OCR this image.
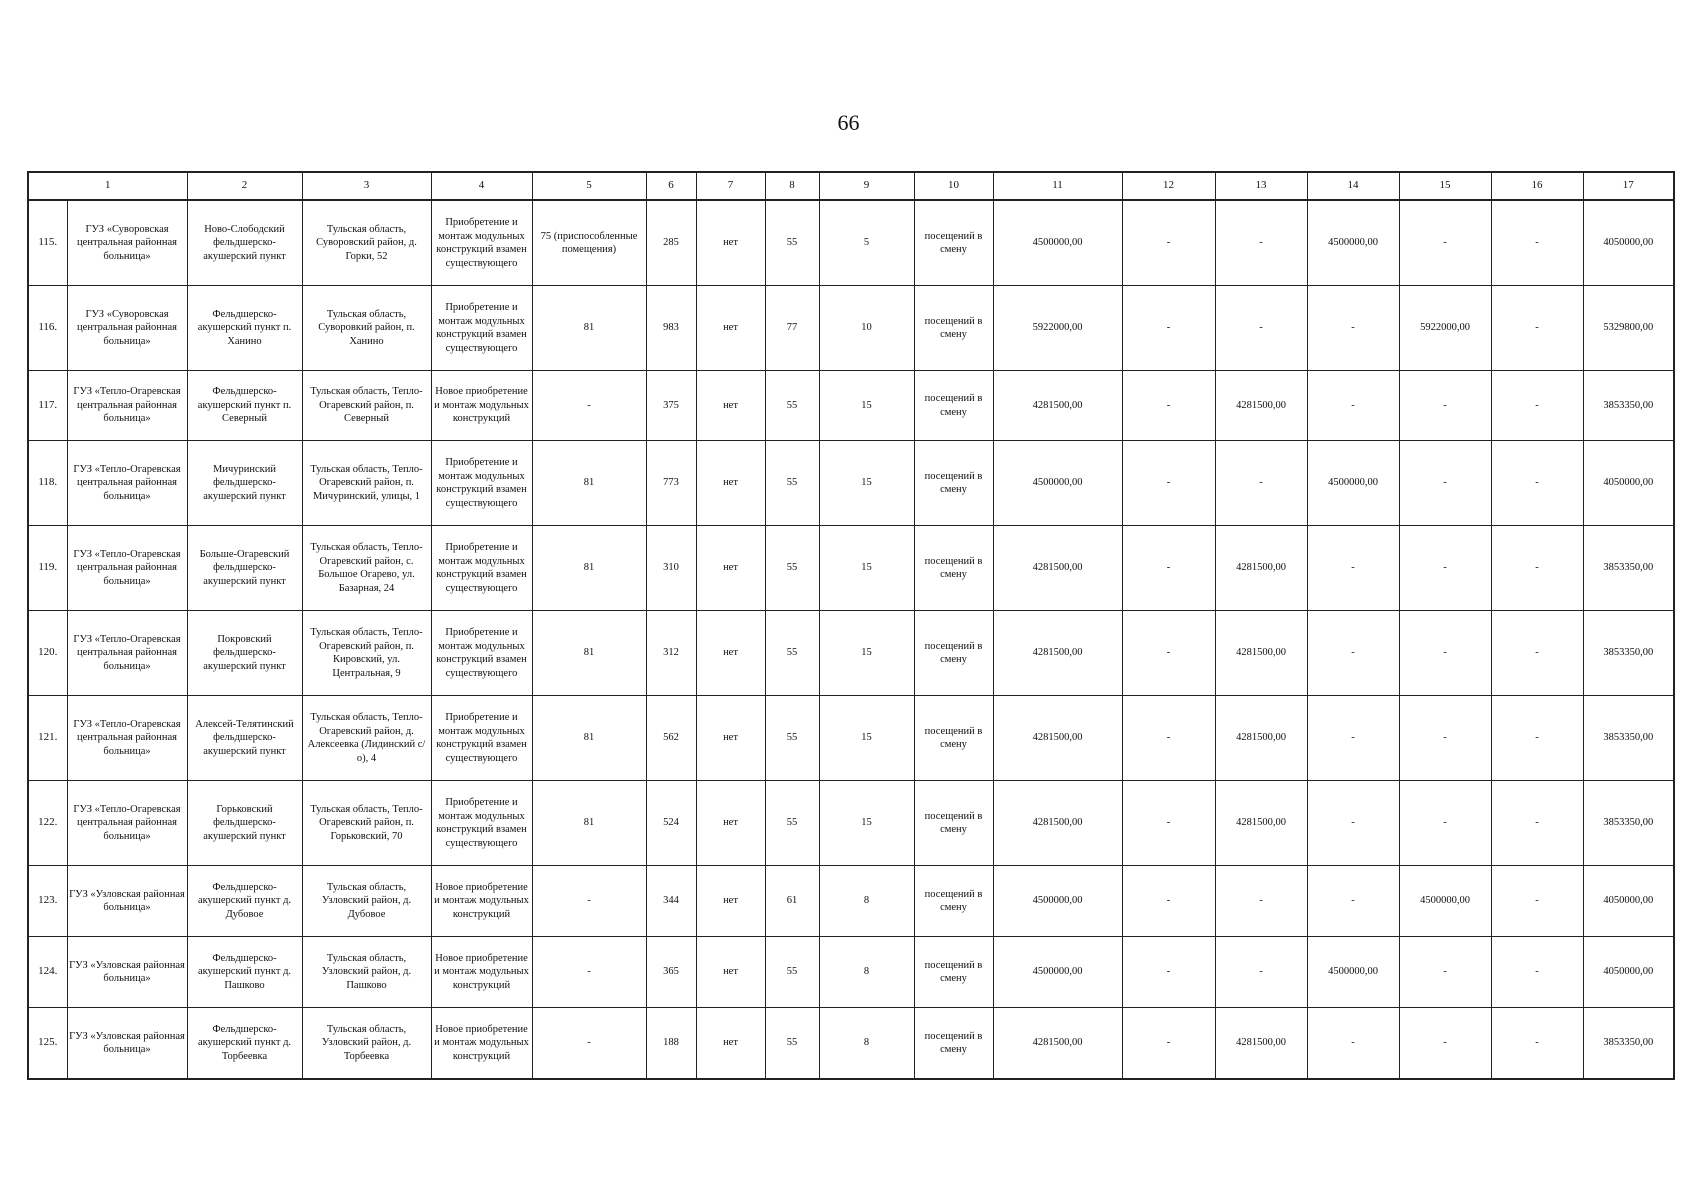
66
1		2	3	4	5	6	7	8	9	10	11	12	13	14	15	16	17
115.	ГУЗ «Суворовская центральная районная больница»	Ново-Слободский фельдшерско-акушерский пункт	Тульская область, Суворовский район, д. Горки, 52	Приобретение и монтаж модульных конструкций взамен существующего	75 (приспособленные помещения)	285	нет	55	5	посещений в смену	4500000,00	-	-	4500000,00	-	-	4050000,00
116.	ГУЗ «Суворовская центральная районная больница»	Фельдшерско-акушерский пункт п. Ханино	Тульская область, Суворовкий район, п. Ханино	Приобретение и монтаж модульных конструкций взамен существующего	81	983	нет	77	10	посещений в смену	5922000,00	-	-	-	5922000,00	-	5329800,00
117.	ГУЗ «Тепло-Огаревская центральная районная больница»	Фельдшерско-акушерский пункт п. Северный	Тульская область, Тепло-Огаревский район, п. Северный	Новое приобретение и монтаж модульных конструкций	-	375	нет	55	15	посещений в смену	4281500,00	-	4281500,00	-	-	-	3853350,00
118.	ГУЗ «Тепло-Огаревская центральная районная больница»	Мичуринский фельдшерско-акушерский пункт	Тульская область, Тепло-Огаревский район, п. Мичуринский, улицы, 1	Приобретение и монтаж модульных конструкций взамен существующего	81	773	нет	55	15	посещений в смену	4500000,00	-	-	4500000,00	-	-	4050000,00
119.	ГУЗ «Тепло-Огаревская центральная районная больница»	Больше-Огаревский фельдшерско-акушерский пункт	Тульская область, Тепло-Огаревский район, с. Большое Огарево, ул. Базарная, 24	Приобретение и монтаж модульных конструкций взамен существующего	81	310	нет	55	15	посещений в смену	4281500,00	-	4281500,00	-	-	-	3853350,00
120.	ГУЗ «Тепло-Огаревская центральная районная больница»	Покровский фельдшерско-акушерский пункт	Тульская область, Тепло-Огаревский район, п. Кировский, ул. Центральная, 9	Приобретение и монтаж модульных конструкций взамен существующего	81	312	нет	55	15	посещений в смену	4281500,00	-	4281500,00	-	-	-	3853350,00
121.	ГУЗ «Тепло-Огаревская центральная районная больница»	Алексей-Телятинский фельдшерско-акушерский пункт	Тульская область, Тепло-Огаревский район, д. Алексеевка (Лидинский с/о), 4	Приобретение и монтаж модульных конструкций взамен существующего	81	562	нет	55	15	посещений в смену	4281500,00	-	4281500,00	-	-	-	3853350,00
122.	ГУЗ «Тепло-Огаревская центральная районная больница»	Горьковский фельдшерско-акушерский пункт	Тульская область, Тепло-Огаревский район, п. Горьковский, 70	Приобретение и монтаж модульных конструкций взамен существующего	81	524	нет	55	15	посещений в смену	4281500,00	-	4281500,00	-	-	-	3853350,00
123.	ГУЗ «Узловская районная больница»	Фельдшерско-акушерский пункт д. Дубовое	Тульская область, Узловский район, д. Дубовое	Новое приобретение и монтаж модульных конструкций	-	344	нет	61	8	посещений в смену	4500000,00	-	-	-	4500000,00	-	4050000,00
124.	ГУЗ «Узловская районная больница»	Фельдшерско-акушерский пункт д. Пашково	Тульская область, Узловский район, д. Пашково	Новое приобретение и монтаж модульных конструкций	-	365	нет	55	8	посещений в смену	4500000,00	-	-	4500000,00	-	-	4050000,00
125.	ГУЗ «Узловская районная больница»	Фельдшерско-акушерский пункт д. Торбеевка	Тульская область, Узловский район, д. Торбеевка	Новое приобретение и монтаж модульных конструкций	-	188	нет	55	8	посещений в смену	4281500,00	-	4281500,00	-	-	-	3853350,00
